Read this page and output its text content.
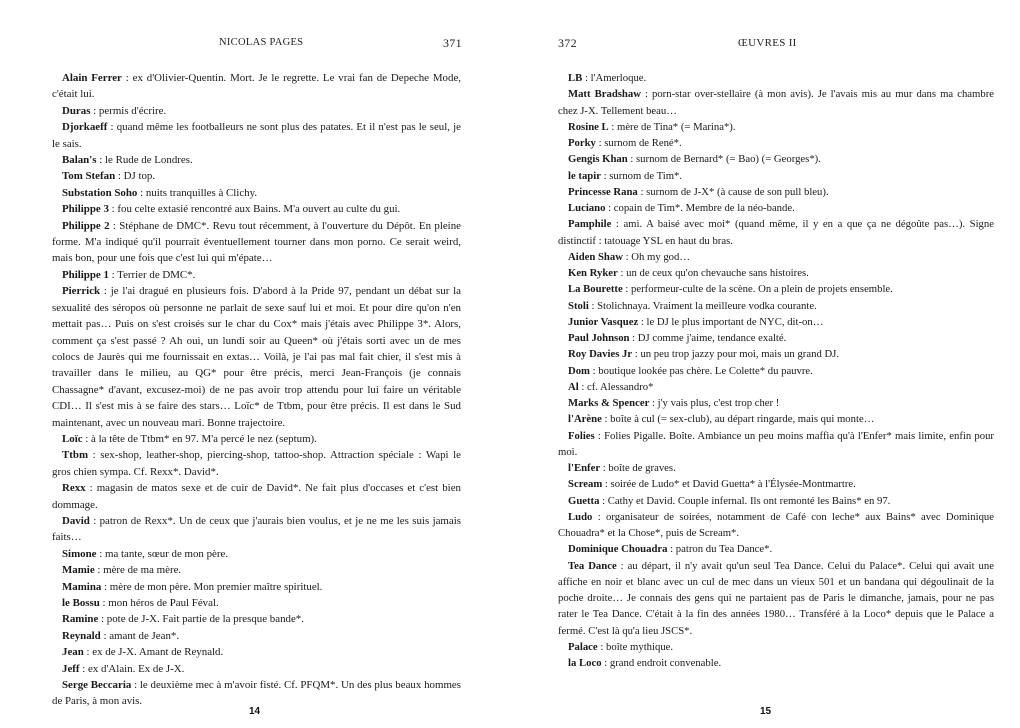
NICOLAS PAGES	371

Alain Ferrer : ex d'Olivier-Quentin. Mort. Je le regrette. Le vrai fan de Depeche Mode, c'était lui.

Duras : permis d'écrire.

Djorkaeff : quand même les footballeurs ne sont plus des patates. Et il n'est pas le seul, je le sais.

Balan's : le Rude de Londres.

Tom Stefan : DJ top.

Substation Soho : nuits tranquilles à Clichy.

Philippe 3 : fou celte extasié rencontré aux Bains. M'a ouvert au culte du gui.

Philippe 2 : Stéphane de DMC*. Revu tout récemment, à l'ouverture du Dépôt. En pleine forme. M'a indiqué qu'il pourrait éventuellement tourner dans mon porno. Ce serait weird, mais bon, pour une fois que c'est lui qui m'épate…

Philippe 1 : Terrier de DMC*.

Pierrick : je l'ai dragué en plusieurs fois. D'abord à la Pride 97, pendant un débat sur la sexualité des séropos où personne ne parlait de sexe sauf lui et moi. Et pour dire qu'on n'en mettait pas… Puis on s'est croisés sur le char du Cox* mais j'étais avec Philippe 3*. Alors, comment ça s'est passé ? Ah oui, un lundi soir au Queen* où j'étais sorti avec un de mes colocs de Jaurès qui me fournissait en extas… Voilà, je l'ai pas mal fait chier, il s'est mis à travailler dans le milieu, au QG* pour être précis, merci Jean-François (je connais Chassagne* d'avant, excusez-moi) de ne pas avoir trop attendu pour lui faire un véritable CDI… Il s'est mis à se faire des stars… Loïc* de Ttbm, pour être précis. Il est dans le Sud maintenant, avec un nouveau mari. Bonne trajectoire.

Loïc : à la tête de Ttbm* en 97. M'a percé le nez (septum).

Ttbm : sex-shop, leather-shop, piercing-shop, tattoo-shop. Attraction spéciale : Wapi le gros chien sympa. Cf. Rexx*. David*.

Rexx : magasin de matos sexe et de cuir de David*. Ne fait plus d'occases et c'est bien dommage.

David : patron de Rexx*. Un de ceux que j'aurais bien voulus, et je ne me les suis jamais faits…

Simone : ma tante, sœur de mon père.

Mamie : mère de ma mère.

Mamina : mère de mon père. Mon premier maître spirituel.

le Bossu : mon héros de Paul Féval.

Ramine : pote de J-X. Fait partie de la presque bande*.

Reynald : amant de Jean*.

Jean : ex de J-X. Amant de Reynald.

Jeff : ex d'Alain. Ex de J-X.

Serge Beccaria : le deuxième mec à m'avoir fisté. Cf. PFQM*. Un des plus beaux hommes de Paris, à mon avis.

372	ŒUVRES II

LB : l'Amerloque.

Matt Bradshaw : porn-star over-stellaire (à mon avis). Je l'avais mis au mur dans ma chambre chez J-X. Tellement beau…

Rosine L : mère de Tina* (= Marina*).

Porky : surnom de René*.

Gengis Khan : surnom de Bernard* (= Bao) (= Georges*).

le tapir : surnom de Tim*.

Princesse Rana : surnom de J-X* (à cause de son pull bleu).

Luciano : copain de Tim*. Membre de la néo-bande.

Pamphile : ami. A baisé avec moi* (quand même, il y en a que ça ne dégoûte pas…). Signe distinctif : tatouage YSL en haut du bras.

Aiden Shaw : Oh my god…

Ken Ryker : un de ceux qu'on chevauche sans histoires.

La Bourette : performeur-culte de la scène. On a plein de projets ensemble.

Stoli : Stolichnaya. Vraiment la meilleure vodka courante.

Junior Vasquez : le DJ le plus important de NYC, dit-on…

Paul Johnson : DJ comme j'aime, tendance exalté.

Roy Davies Jr : un peu trop jazzy pour moi, mais un grand DJ.

Dom : boutique lookée pas chère. Le Colette* du pauvre.

Al : cf. Alessandro*

Marks & Spencer : j'y vais plus, c'est trop cher !

l'Arène : boîte à cul (= sex-club), au départ ringarde, mais qui monte…

Folies : Folies Pigalle. Boîte. Ambiance un peu moins maffia qu'à l'Enfer* mais limite, enfin pour moi.

l'Enfer : boîte de graves.

Scream : soirée de Ludo* et David Guetta* à l'Élysée-Montmartre.

Guetta : Cathy et David. Couple infernal. Ils ont remonté les Bains* en 97.

Ludo : organisateur de soirées, notamment de Café con leche* aux Bains* avec Dominique Chouadra* et la Chose*, puis de Scream*.

Dominique Chouadra : patron du Tea Dance*.

Tea Dance : au départ, il n'y avait qu'un seul Tea Dance. Celui du Palace*. Celui qui avait une affiche en noir et blanc avec un cul de mec dans un vieux 501 et un bandana qui dégoulinait de la poche droite… Je connais des gens qui ne partaient pas de Paris le dimanche, jamais, pour ne pas rater le Tea Dance. C'était à la fin des années 1980… Transféré à la Loco* depuis que le Palace a fermé. C'est là qu'a lieu JSCS*.

Palace : boîte mythique.

la Loco : grand endroit convenable.

14	15
